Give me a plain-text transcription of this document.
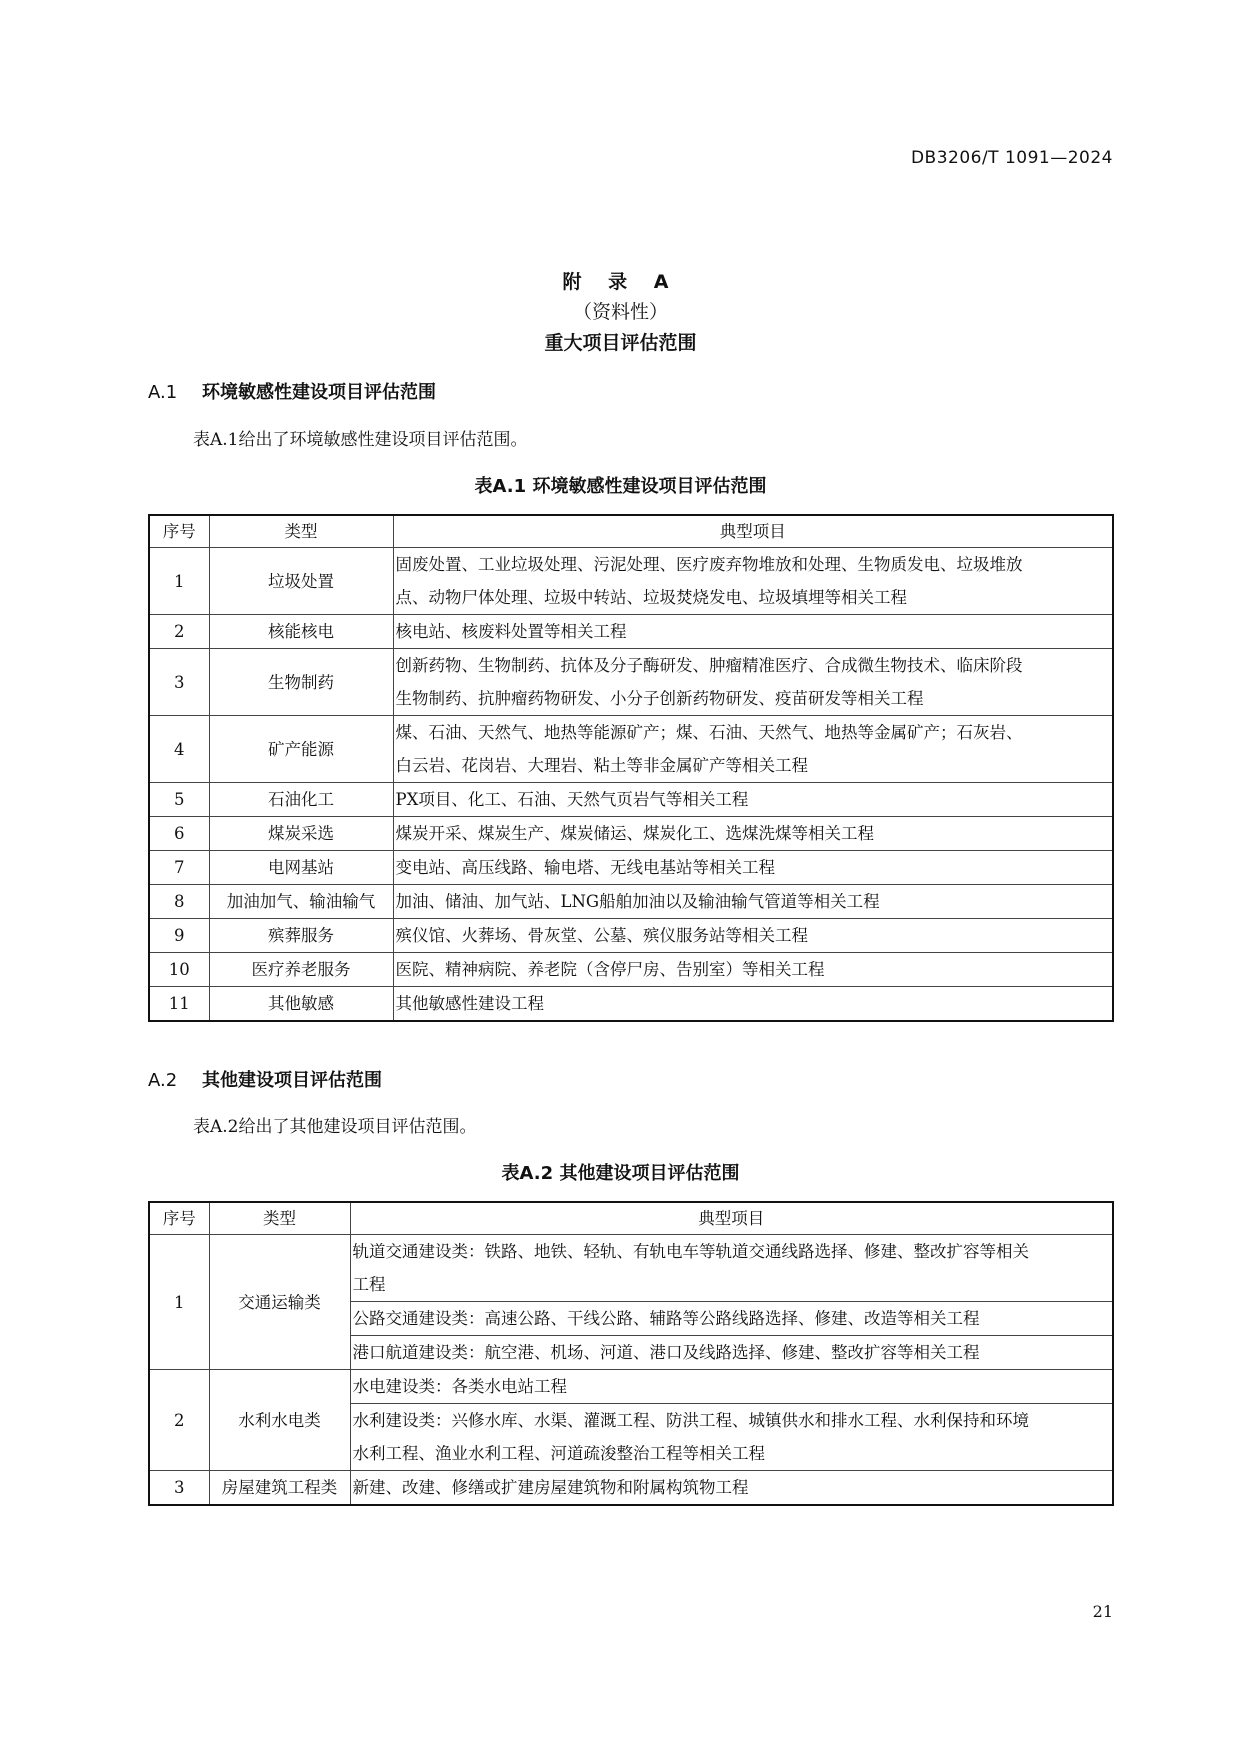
DB3206/T 1091—2024
附 录 A
（资料性）
重大项目评估范围
A.1 环境敏感性建设项目评估范围
表A.1给出了环境敏感性建设项目评估范围。
表A.1 环境敏感性建设项目评估范围
序号	类型	典型项目
1	垃圾处置	固废处置、工业垃圾处理、污泥处理、医疗废弃物堆放和处理、生物质发电、垃圾堆放
点、动物尸体处理、垃圾中转站、垃圾焚烧发电、垃圾填埋等相关工程

2	核能核电	核电站、核废料处置等相关工程

3	生物制药	创新药物、生物制药、抗体及分子酶研发、肿瘤精准医疗、合成微生物技术、临床阶段
生物制药、抗肿瘤药物研发、小分子创新药物研发、疫苗研发等相关工程

4	矿产能源	煤、石油、天然气、地热等能源矿产；煤、石油、天然气、地热等金属矿产；石灰岩、
白云岩、花岗岩、大理岩、粘土等非金属矿产等相关工程

5	石油化工	PX项目、化工、石油、天然气页岩气等相关工程

6	煤炭采选	煤炭开采、煤炭生产、煤炭储运、煤炭化工、选煤洗煤等相关工程

7	电网基站	变电站、高压线路、输电塔、无线电基站等相关工程

8	加油加气、输油输气	加油、储油、加气站、LNG船舶加油以及输油输气管道等相关工程

9	殡葬服务	殡仪馆、火葬场、骨灰堂、公墓、殡仪服务站等相关工程

10	医疗养老服务	医院、精神病院、养老院（含停尸房、告别室）等相关工程

11	其他敏感	其他敏感性建设工程
A.2 其他建设项目评估范围
表A.2给出了其他建设项目评估范围。
表A.2 其他建设项目评估范围
序号	类型	典型项目
1	交通运输类	轨道交通建设类：铁路、地铁、轻轨、有轨电车等轨道交通线路选择、修建、整改扩容等相关
工程

		公路交通建设类：高速公路、干线公路、辅路等公路线路选择、修建、改造等相关工程

		港口航道建设类：航空港、机场、河道、港口及线路选择、修建、整改扩容等相关工程

2	水利水电类	水电建设类：各类水电站工程

		水利建设类：兴修水库、水渠、灌溉工程、防洪工程、城镇供水和排水工程、水利保持和环境
水利工程、渔业水利工程、河道疏浚整治工程等相关工程

3	房屋建筑工程类	新建、改建、修缮或扩建房屋建筑物和附属构筑物工程
21
